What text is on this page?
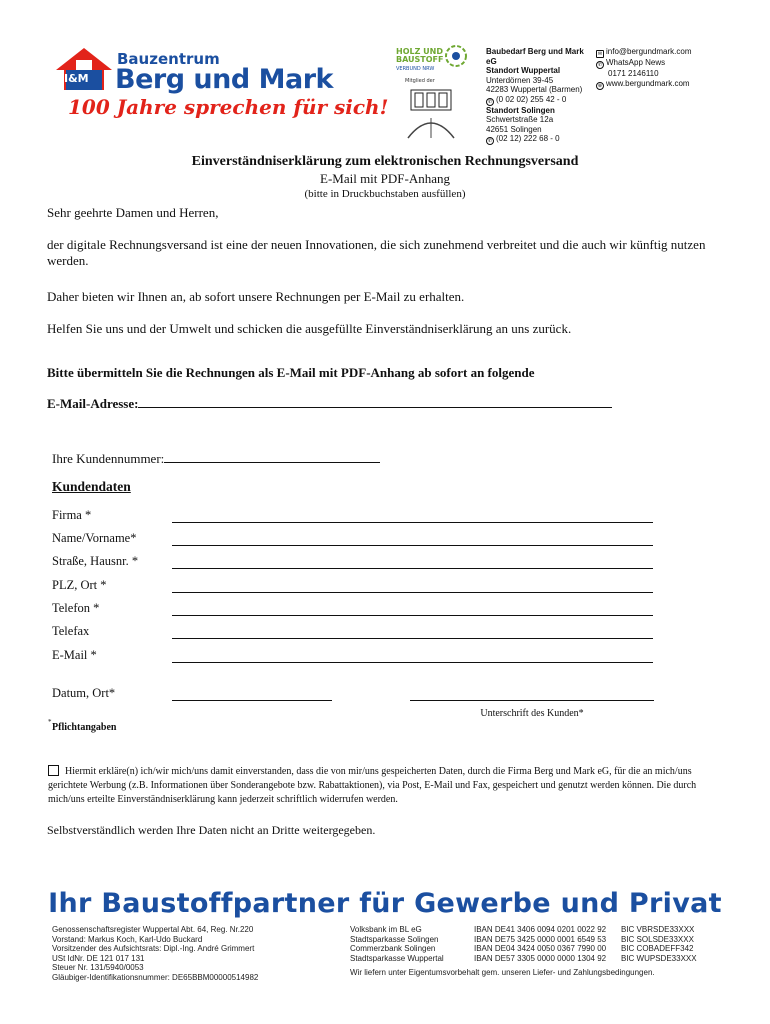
I&M
Bauzentrum
Berg und Mark
100 Jahre sprechen für sich!
HOLZ UND
BAUSTOFF
VERBUND NRW
Mitglied der
Baubedarf Berg und Mark eG
Standort Wuppertal
Unterdörnen 39-45
42283 Wuppertal (Barmen)
✆ (0 02 02) 255 42 - 0
Standort Solingen
Schwertstraße 12a
42651 Solingen
✆ (02 12) 222 68 - 0
✉ info@bergundmark.com
✆ WhatsApp News
0171 2146110
⊕ www.bergundmark.com
Einverständniserklärung zum elektronischen Rechnungsversand
E-Mail mit PDF-Anhang
(bitte in Druckbuchstaben ausfüllen)
Sehr geehrte Damen und Herren,
der digitale Rechnungsversand ist eine der neuen Innovationen, die sich zunehmend verbreitet und die auch wir künftig nutzen werden.
Daher bieten wir Ihnen an, ab sofort unsere Rechnungen per E-Mail zu erhalten.
Helfen Sie uns und der Umwelt und schicken die ausgefüllte Einverständniserklärung an uns zurück.
Bitte übermitteln Sie die Rechnungen als E-Mail mit PDF-Anhang ab sofort an folgende
E-Mail-Adresse:
Ihre Kundennummer:
Kundendaten
Firma *
Name/Vorname*
Straße, Hausnr. *
PLZ, Ort *
Telefon *
Telefax
E-Mail *
Datum, Ort*
Unterschrift des Kunden*
* Pflichtangaben
Hiermit erkläre(n) ich/wir mich/uns damit einverstanden, dass die von mir/uns gespeicherten Daten, durch die Firma Berg und Mark eG, für die an mich/uns gerichtete Werbung (z.B. Informationen über Sonderangebote bzw. Rabattaktionen), via Post, E-Mail und Fax, gespeichert und genutzt werden können. Die durch mich/uns erteilte Einverständniserklärung kann jederzeit schriftlich widerrufen werden.
Selbstverständlich werden Ihre Daten nicht an Dritte weitergegeben.
Ihr Baustoffpartner für Gewerbe und Privat
Genossenschaftsregister Wuppertal Abt. 64, Reg. Nr.220
Vorstand: Markus Koch, Karl-Udo Buckard
Vorsitzender des Aufsichtsrats: Dipl.-Ing. André Grimmert
USt IdNr. DE 121 017 131
Steuer Nr. 131/5940/0053
Gläubiger-Identifikationsnummer: DE65BBM00000514982
Volksbank im BL eG
Stadtsparkasse Solingen
Commerzbank Solingen
Stadtsparkasse Wuppertal
IBAN DE41 3406 0094 0201 0022 92
IBAN DE75 3425 0000 0001 6549 53
IBAN DE04 3424 0050 0367 7990 00
IBAN DE57 3305 0000 0000 1304 92
BIC VBRSDE33XXX
BIC SOLSDE33XXX
BIC COBADEFF342
BIC WUPSDE33XXX
Wir liefern unter Eigentumsvorbehalt gem. unseren Liefer- und Zahlungsbedingungen.
